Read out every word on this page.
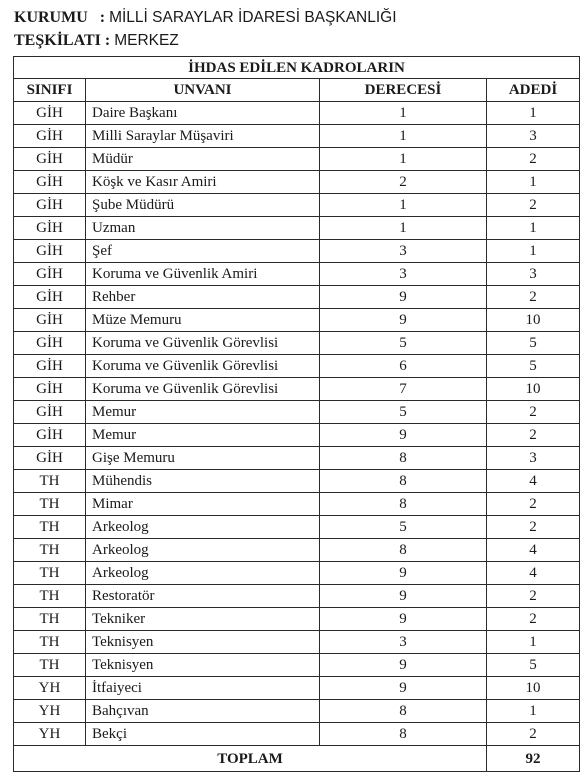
KURUMU : MİLLİ SARAYLAR İDARESİ BAŞKANLIĞI
TEŞKİLATI : MERKEZ
İHDAS EDİLEN KADROLARIN			
SINIFI	UNVANI	DERECESİ	ADEDİ
GİH	Daire Başkanı	1	1
GİH	Milli Saraylar Müşaviri	1	3
GİH	Müdür	1	2
GİH	Köşk ve Kasır Amiri	2	1
GİH	Şube Müdürü	1	2
GİH	Uzman	1	1
GİH	Şef	3	1
GİH	Koruma ve Güvenlik Amiri	3	3
GİH	Rehber	9	2
GİH	Müze Memuru	9	10
GİH	Koruma ve Güvenlik Görevlisi	5	5
GİH	Koruma ve Güvenlik Görevlisi	6	5
GİH	Koruma ve Güvenlik Görevlisi	7	10
GİH	Memur	5	2
GİH	Memur	9	2
GİH	Gişe Memuru	8	3
TH	Mühendis	8	4
TH	Mimar	8	2
TH	Arkeolog	5	2
TH	Arkeolog	8	4
TH	Arkeolog	9	4
TH	Restoratör	9	2
TH	Tekniker	9	2
TH	Teknisyen	3	1
TH	Teknisyen	9	5
YH	İtfaiyeci	9	10
YH	Bahçıvan	8	1
YH	Bekçi	8	2
TOPLAM			92
